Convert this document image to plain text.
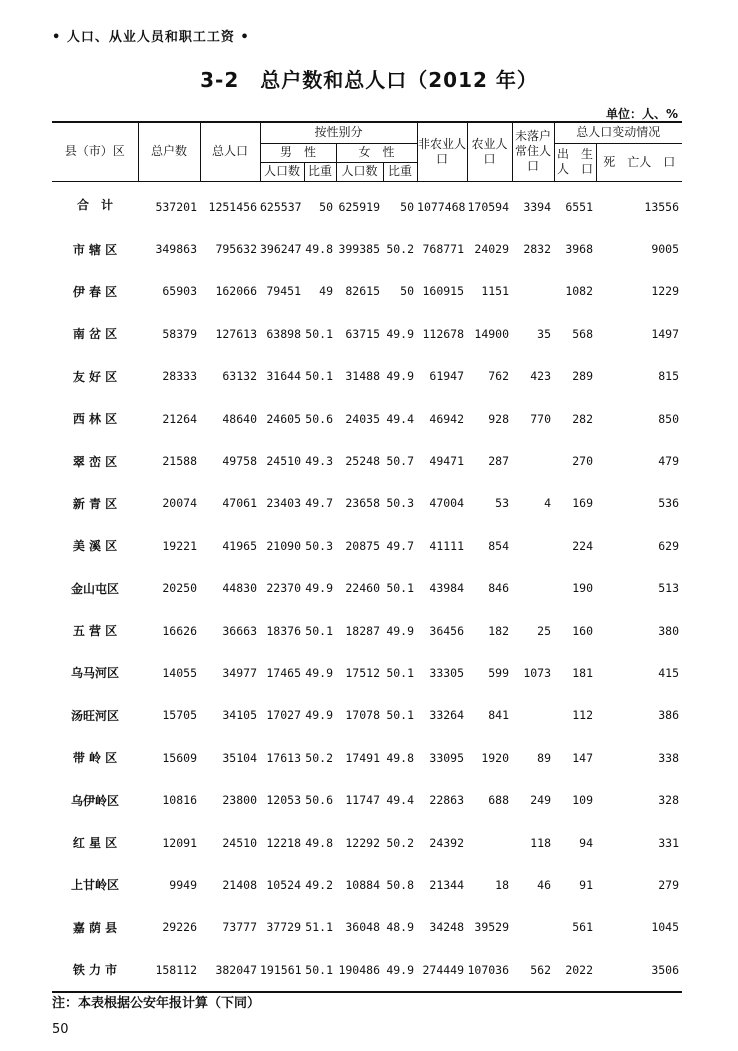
• 人口、从业人员和职工工资 •
3-2　总户数和总人口（2012 年）
单位：人、%
县（市）区	总户数	总人口	按性别分				非农业人口	农业人口	未落户常住人口	总人口变动情况	
			男　性		女　性					出　生人　口	死　亡人　口
			人口数	比重	人口数	比重					
合　计	537201	1251456	625537	50	625919	50	1077468	170594	3394	6551	13556
市 辖 区	349863	795632	396247	49.8	399385	50.2	768771	24029	2832	3968	9005
伊 春 区	65903	162066	79451	49	82615	50	160915	1151		1082	1229
南 岔 区	58379	127613	63898	50.1	63715	49.9	112678	14900	35	568	1497
友 好 区	28333	63132	31644	50.1	31488	49.9	61947	762	423	289	815
西 林 区	21264	48640	24605	50.6	24035	49.4	46942	928	770	282	850
翠 峦 区	21588	49758	24510	49.3	25248	50.7	49471	287		270	479
新 青 区	20074	47061	23403	49.7	23658	50.3	47004	53	4	169	536
美 溪 区	19221	41965	21090	50.3	20875	49.7	41111	854		224	629
金山屯区	20250	44830	22370	49.9	22460	50.1	43984	846		190	513
五 营 区	16626	36663	18376	50.1	18287	49.9	36456	182	25	160	380
乌马河区	14055	34977	17465	49.9	17512	50.1	33305	599	1073	181	415
汤旺河区	15705	34105	17027	49.9	17078	50.1	33264	841		112	386
带 岭 区	15609	35104	17613	50.2	17491	49.8	33095	1920	89	147	338
乌伊岭区	10816	23800	12053	50.6	11747	49.4	22863	688	249	109	328
红 星 区	12091	24510	12218	49.8	12292	50.2	24392		118	94	331
上甘岭区	9949	21408	10524	49.2	10884	50.8	21344	18	46	91	279
嘉 荫 县	29226	73777	37729	51.1	36048	48.9	34248	39529		561	1045
铁 力 市	158112	382047	191561	50.1	190486	49.9	274449	107036	562	2022	3506
注：本表根据公安年报计算（下同）
50
